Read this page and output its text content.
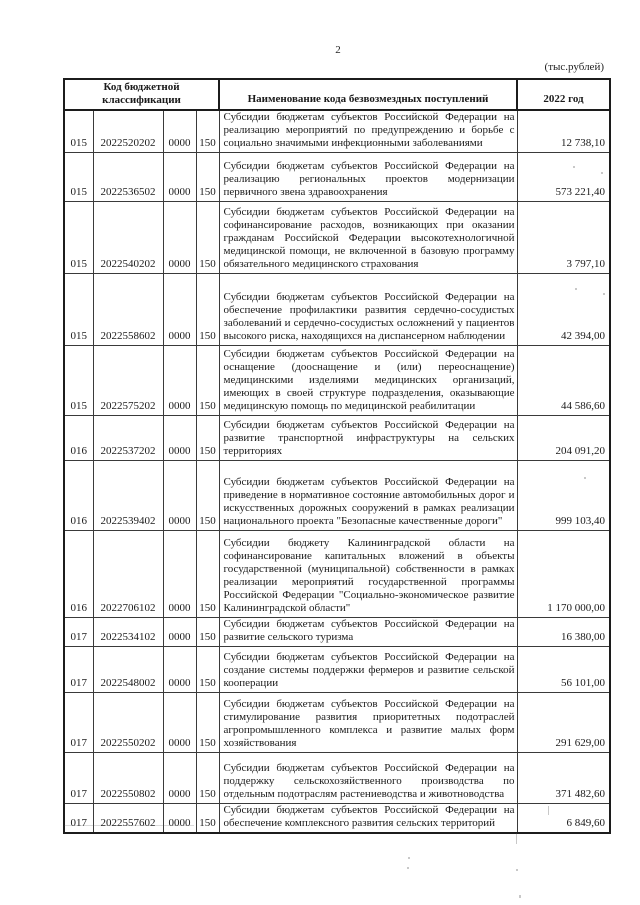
2
(тыс.рублей)
Код бюджетной классификации				Наименование кода безвозмездных поступлений	2022 год
015	2022520202	0000	150	Субсидии бюджетам субъектов Российской Федерации на реализацию мероприятий по предупреждению и борьбе с социально значимыми инфекционными заболеваниями	12 738,10
015	2022536502	0000	150	Субсидии бюджетам субъектов Российской Федерации на реализацию региональных проектов модернизации первичного звена здравоохранения	573 221,40
015	2022540202	0000	150	Субсидии бюджетам субъектов Российской Федерации на софинансирование расходов, возникающих при оказании гражданам Российской Федерации высокотехнологичной медицинской помощи, не включенной в базовую программу обязательного медицинского страхования	3 797,10
015	2022558602	0000	150	Субсидии бюджетам субъектов Российской Федерации на обеспечение профилактики развития сердечно-сосудистых заболеваний и сердечно-сосудистых осложнений у пациентов высокого риска, находящихся на диспансерном наблюдении	42 394,00
015	2022575202	0000	150	Субсидии бюджетам субъектов Российской Федерации на оснащение (дооснащение и (или) переоснащение) медицинскими изделиями медицинских организаций, имеющих в своей структуре подразделения, оказывающие медицинскую помощь по медицинской реабилитации	44 586,60
016	2022537202	0000	150	Субсидии бюджетам субъектов Российской Федерации на развитие транспортной инфраструктуры на сельских территориях	204 091,20
016	2022539402	0000	150	Субсидии бюджетам субъектов Российской Федерации на приведение в нормативное состояние автомобильных дорог и искусственных дорожных сооружений в рамках реализации национального проекта "Безопасные качественные дороги"	999 103,40
016	2022706102	0000	150	Субсидии бюджету Калининградской области на софинансирование капитальных вложений в объекты государственной (муниципальной) собственности в рамках реализации мероприятий государственной программы Российской Федерации "Социально-экономическое развитие Калининградской области"	1 170 000,00
017	2022534102	0000	150	Субсидии бюджетам субъектов Российской Федерации на развитие сельского туризма	16 380,00
017	2022548002	0000	150	Субсидии бюджетам субъектов Российской Федерации на создание системы поддержки фермеров и развитие сельской кооперации	56 101,00
017	2022550202	0000	150	Субсидии бюджетам субъектов Российской Федерации на стимулирование развития приоритетных подотраслей агропромышленного комплекса и развитие малых форм хозяйствования	291 629,00
017	2022550802	0000	150	Субсидии бюджетам субъектов Российской Федерации на поддержку сельскохозяйственного производства по отдельным подотраслям растениеводства и животноводства	371 482,60
017	2022557602	0000	150	Субсидии бюджетам субъектов Российской Федерации на обеспечение комплексного развития сельских территорий	6 849,60
